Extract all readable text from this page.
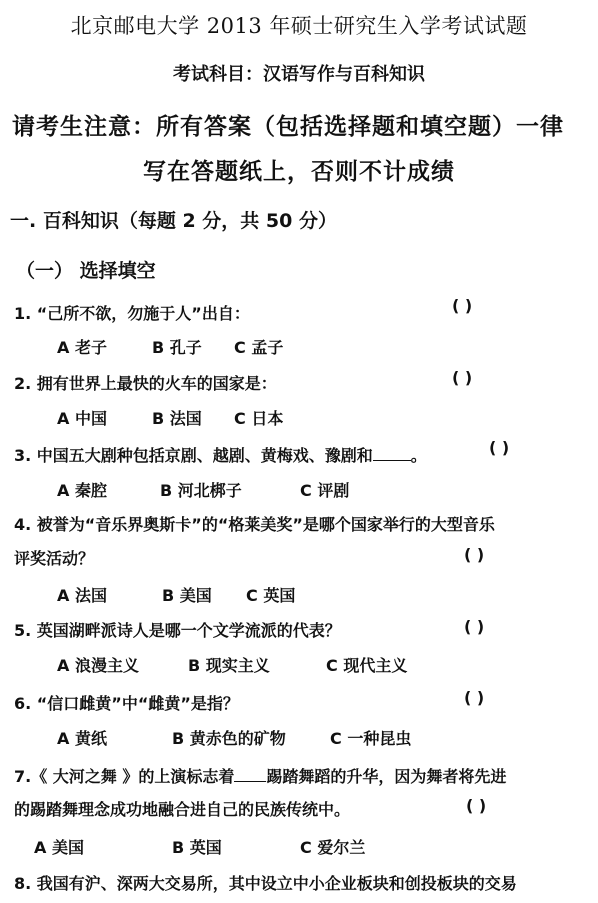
北京邮电大学 2013 年硕士研究生入学考试试题
考试科目：汉语写作与百科知识
请考生注意：所有答案（包括选择题和填空题）一律
写在答题纸上，否则不计成绩
一. 百科知识（每题 2 分，共 50 分）
（一） 选择填空
1. “己所不欲，勿施于人”出自：	( )
A 老子	B 孔子 C 孟子
2. 拥有世界上最快的火车的国家是：	( )
A 中国	B 法国 C 日本
3. 中国五大剧种包括京剧、越剧、黄梅戏、豫剧和 。	( )
A 秦腔	B 河北梆子	C 评剧
4. 被誉为“音乐界奥斯卡”的“格莱美奖”是哪个国家举行的大型音乐
评奖活动？	( )
A 法国	B 美国 C 英国
5. 英国湖畔派诗人是哪一个文学流派的代表？	( )
A 浪漫主义	B 现实主义	C 现代主义
6. “信口雌黄”中“雌黄”是指？	( )
A 黄纸	B 黄赤色的矿物	C 一种昆虫
7.《 大河之舞 》的上演标志着 踢踏舞蹈的升华，因为舞者将先进
的踢踏舞理念成功地融合进自己的民族传统中。	( )
A 美国	B 英国	C 爱尔兰
8. 我国有沪、深两大交易所，其中设立中小企业板块和创投板块的交易
